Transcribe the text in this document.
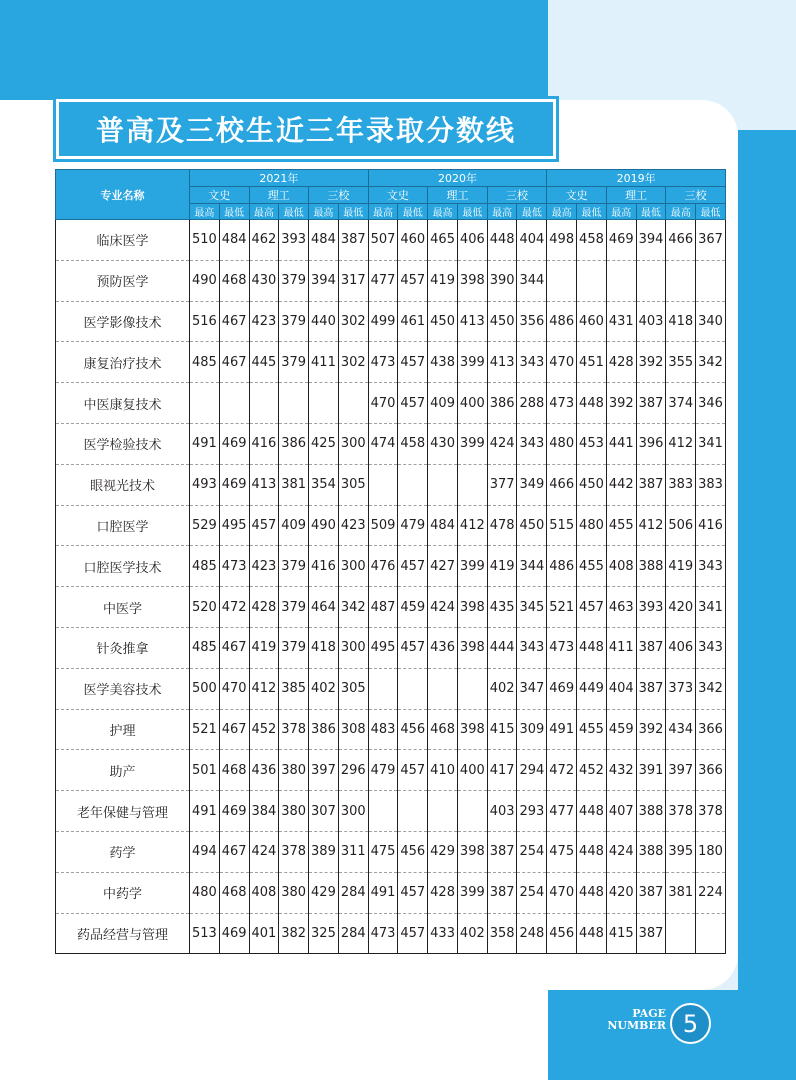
普高及三校生近三年录取分数线
专业名称	2021年						2020年						2019年					
	文史		理工		三校		文史		理工		三校		文史		理工		三校	
	最高	最低	最高	最低	最高	最低	最高	最低	最高	最低	最高	最低	最高	最低	最高	最低	最高	最低
临床医学	510	484	462	393	484	387	507	460	465	406	448	404	498	458	469	394	466	367
预防医学	490	468	430	379	394	317	477	457	419	398	390	344						
医学影像技术	516	467	423	379	440	302	499	461	450	413	450	356	486	460	431	403	418	340
康复治疗技术	485	467	445	379	411	302	473	457	438	399	413	343	470	451	428	392	355	342
中医康复技术							470	457	409	400	386	288	473	448	392	387	374	346
医学检验技术	491	469	416	386	425	300	474	458	430	399	424	343	480	453	441	396	412	341
眼视光技术	493	469	413	381	354	305					377	349	466	450	442	387	383	383
口腔医学	529	495	457	409	490	423	509	479	484	412	478	450	515	480	455	412	506	416
口腔医学技术	485	473	423	379	416	300	476	457	427	399	419	344	486	455	408	388	419	343
中医学	520	472	428	379	464	342	487	459	424	398	435	345	521	457	463	393	420	341
针灸推拿	485	467	419	379	418	300	495	457	436	398	444	343	473	448	411	387	406	343
医学美容技术	500	470	412	385	402	305					402	347	469	449	404	387	373	342
护理	521	467	452	378	386	308	483	456	468	398	415	309	491	455	459	392	434	366
助产	501	468	436	380	397	296	479	457	410	400	417	294	472	452	432	391	397	366
老年保健与管理	491	469	384	380	307	300					403	293	477	448	407	388	378	378
药学	494	467	424	378	389	311	475	456	429	398	387	254	475	448	424	388	395	180
中药学	480	468	408	380	429	284	491	457	428	399	387	254	470	448	420	387	381	224
药品经营与管理	513	469	401	382	325	284	473	457	433	402	358	248	456	448	415	387		
PAGE
NUMBER 5
